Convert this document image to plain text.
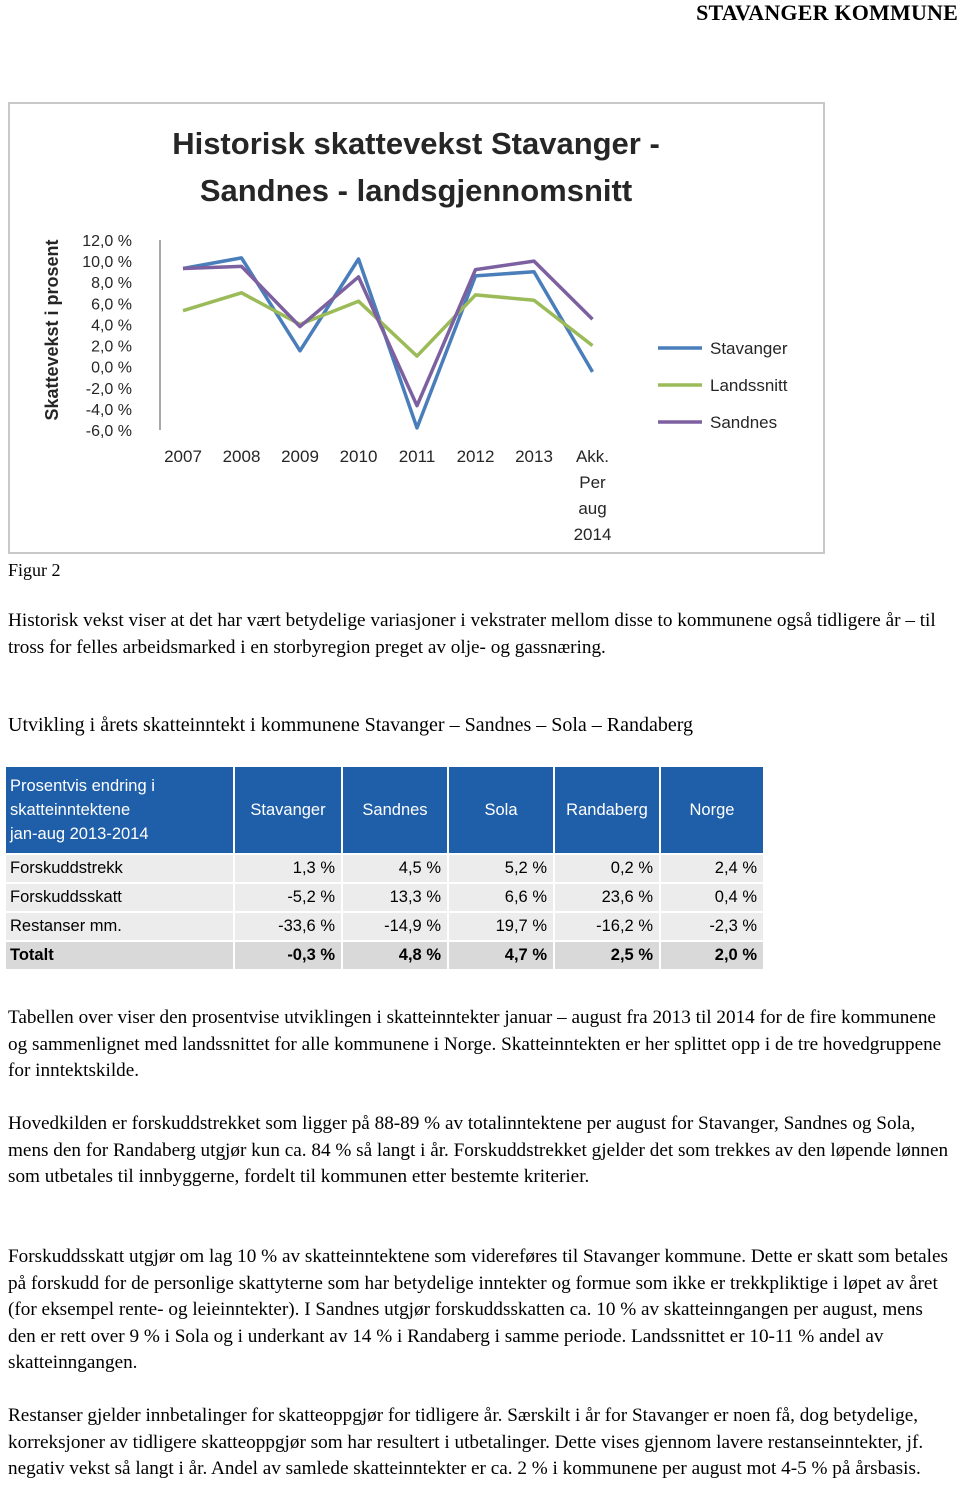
STAVANGER KOMMUNE
Historisk skattevekst Stavanger -
Sandnes - landsgjennomsnitt
Skattevekst i prosent 12,0 %
10,0 %
8,0 %
6,0 %
4,0 %
2,0 %
0,0 %
-2,0 %
-4,0 %
-6,0 %
2007 2008 2009 2010 2011 2012 2013 Akk.
Per
aug
2014
Stavanger
Landssnitt
Sandnes
Figur 2

Historisk vekst viser at det har vært betydelige variasjoner i vekstrater mellom disse to kommunene også tidligere år – til tross for felles arbeidsmarked i en storbyregion preget av olje- og gassnæring.

Utvikling i årets skatteinntekt i kommunene Stavanger – Sandnes – Sola – Randaberg
Prosentvis endring i
skatteinntektene
jan-aug 2013-2014	Stavanger	Sandnes	Sola	Randaberg	Norge
Forskuddstrekk	1,3 %	4,5 %	5,2 %	0,2 %	2,4 %
Forskuddsskatt	-5,2 %	13,3 %	6,6 %	23,6 %	0,4 %
Restanser mm.	-33,6 %	-14,9 %	19,7 %	-16,2 %	-2,3 %
Totalt	-0,3 %	4,8 %	4,7 %	2,5 %	2,0 %

Tabellen over viser den prosentvise utviklingen i skatteinntekter januar – august fra 2013 til 2014 for de fire kommunene og sammenlignet med landssnittet for alle kommunene i Norge. Skatteinntekten er her splittet opp i de tre hovedgruppene for inntektskilde.

Hovedkilden er forskuddstrekket som ligger på 88-89 % av totalinntektene per august for Stavanger, Sandnes og Sola, mens den for Randaberg utgjør kun ca. 84 % så langt i år. Forskuddstrekket gjelder det som trekkes av den løpende lønnen som utbetales til innbyggerne, fordelt til kommunen etter bestemte kriterier.

Forskuddsskatt utgjør om lag 10 % av skatteinntektene som videreføres til Stavanger kommune. Dette er skatt som betales på forskudd for de personlige skattyterne som har betydelige inntekter og formue som ikke er trekkpliktige i løpet av året (for eksempel rente- og leieinntekter). I Sandnes utgjør forskuddsskatten ca. 10 % av skatteinngangen per august, mens den er rett over 9 % i Sola og i underkant av 14 % i Randaberg i samme periode. Landssnittet er 10-11 % andel av skatteinngangen.

Restanser gjelder innbetalinger for skatteoppgjør for tidligere år. Særskilt i år for Stavanger er noen få, dog betydelige, korreksjoner av tidligere skatteoppgjør som har resultert i utbetalinger. Dette vises gjennom lavere restanseinntekter, jf. negativ vekst så langt i år. Andel av samlede skatteinntekter er ca. 2 % i kommunene per august mot 4-5 % på årsbasis.
